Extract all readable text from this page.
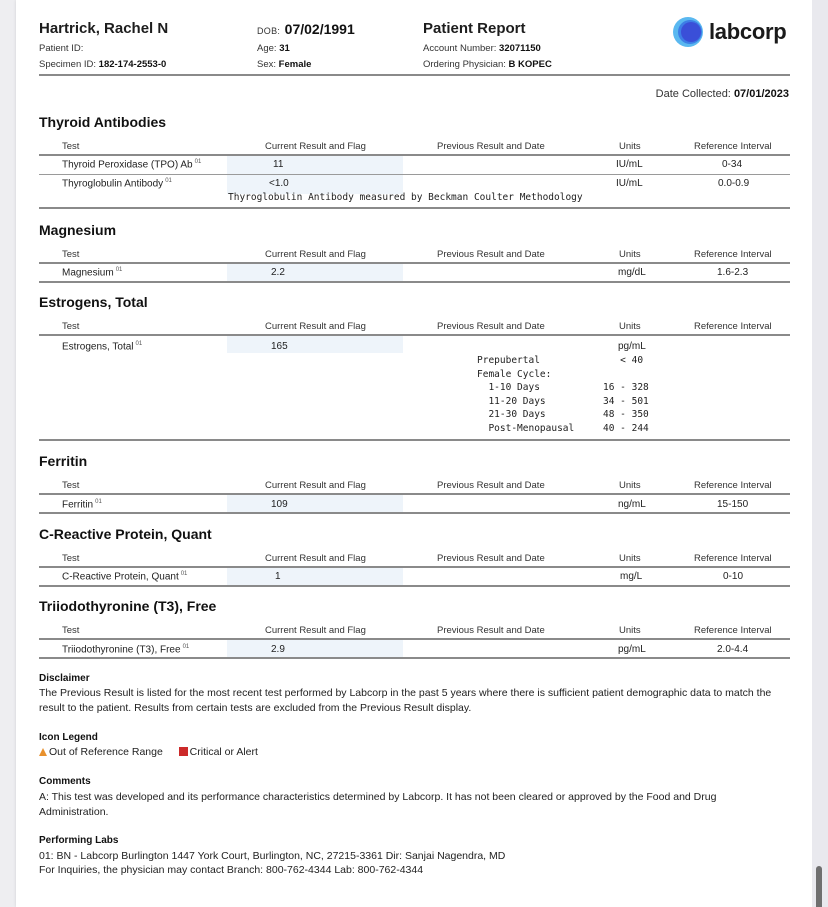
Hartrick, Rachel N
Patient ID:
Specimen ID: 182-174-2553-0
DOB: 07/02/1991
Age: 31
Sex: Female
Patient Report
Account Number: 32071150
Ordering Physician: B KOPEC
labcorp
Date Collected: 07/01/2023
Thyroid Antibodies
Test	Current Result and Flag	Previous Result and Date	Units	Reference Interval
Thyroid Peroxidase (TPO) Ab $^{01}$	11	IU/mL	0-34
Thyroglobulin Antibody $^{01}$	<1.0	IU/mL	0.0-0.9
Thyroglobulin Antibody measured by Beckman Coulter Methodology
Magnesium
Test	Current Result and Flag	Previous Result and Date	Units	Reference Interval
Magnesium $^{01}$	2.2	mg/dL	1.6-2.3
Estrogens, Total
Test	Current Result and Flag	Previous Result and Date	Units	Reference Interval
Estrogens, Total $^{01}$	165	pg/mL
Prepubertal	< 40
Female Cycle:
1-10 Days	16 - 328
11-20 Days	34 - 501
21-30 Days	48 - 350
Post-Menopausal	40 - 244
Ferritin
Test	Current Result and Flag	Previous Result and Date	Units	Reference Interval
Ferritin $^{01}$	109	ng/mL	15-150
C-Reactive Protein, Quant
Test	Current Result and Flag	Previous Result and Date	Units	Reference Interval
C-Reactive Protein, Quant $^{01}$	1	mg/L	0-10
Triiodothyronine (T3), Free
Test	Current Result and Flag	Previous Result and Date	Units	Reference Interval
Triiodothyronine (T3), Free $^{01}$	2.9	pg/mL	2.0-4.4
Disclaimer
The Previous Result is listed for the most recent test performed by Labcorp in the past 5 years where there is sufficient patient demographic data to match the result to the patient. Results from certain tests are excluded from the Previous Result display.
Icon Legend
Out of Reference Range	Critical or Alert
Comments
A: This test was developed and its performance characteristics determined by Labcorp. It has not been cleared or approved by the Food and Drug Administration.
Performing Labs
01: BN - Labcorp Burlington 1447 York Court, Burlington, NC, 27215-3361 Dir: Sanjai Nagendra, MD
For Inquiries, the physician may contact Branch: 800-762-4344 Lab: 800-762-4344
